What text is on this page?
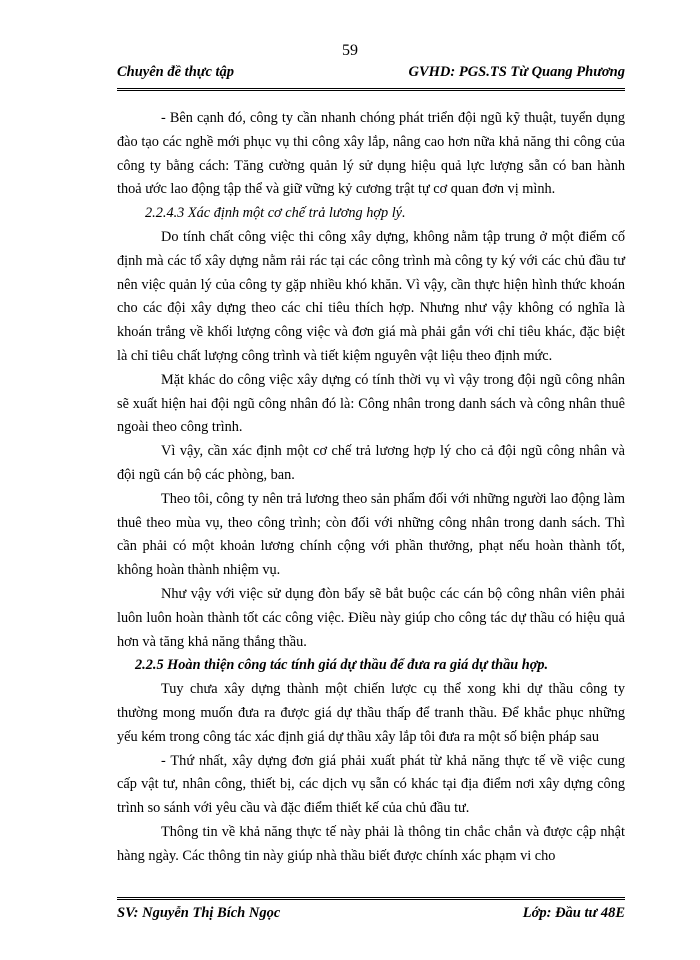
59
Chuyên đề thực tập	GVHD: PGS.TS Từ Quang Phương

- Bên cạnh đó, công ty cần nhanh chóng phát triển đội ngũ kỹ thuật, tuyển dụng đào tạo các nghề mới phục vụ thi công xây lắp, nâng cao hơn nữa khả năng thi công của công ty bằng cách: Tăng cường quản lý sử dụng hiệu quả lực lượng sẵn có ban hành thoả ước lao động tập thể và giữ vững kỷ cương trật tự cơ quan đơn vị mình.

2.2.4.3 Xác định một cơ chế trả lương hợp lý.

Do tính chất công việc thi công xây dựng, không nằm tập trung ở một điểm cố định mà các tổ xây dựng nằm rải rác tại các công trình mà công ty ký với các chủ đầu tư nên việc quản lý của công ty gặp nhiều khó khăn. Vì vậy, cần thực hiện hình thức khoán cho các đội xây dựng theo các chỉ tiêu thích hợp. Nhưng như vậy không có nghĩa là khoán trắng về khối lượng công việc và đơn giá mà phải gắn với chỉ tiêu khác, đặc biệt là chỉ tiêu chất lượng công trình và tiết kiệm nguyên vật liệu theo định mức.

Mặt khác do công việc xây dựng có tính thời vụ vì vậy trong đội ngũ công nhân sẽ xuất hiện hai đội ngũ công nhân đó là: Công nhân trong danh sách và công nhân thuê ngoài theo công trình.

Vì vậy, cần xác định một cơ chế trả lương hợp lý cho cả đội ngũ công nhân và đội ngũ cán bộ các phòng, ban.

Theo tôi, công ty nên trả lương theo sản phẩm đối với những người lao động làm thuê theo mùa vụ, theo công trình; còn đối với những công nhân trong danh sách. Thì cần phải có một khoản lương chính cộng với phần thưởng, phạt nếu hoàn thành tốt, không hoàn thành nhiệm vụ.

Như vậy với việc sử dụng đòn bẩy sẽ bắt buộc các cán bộ công nhân viên phải luôn luôn hoàn thành tốt các công việc. Điều này giúp cho công tác dự thầu có hiệu quả hơn và tăng khả năng thắng thầu.

2.2.5 Hoàn thiện công tác tính giá dự thầu để đưa ra giá dự thầu hợp.

Tuy chưa xây dựng thành một chiến lược cụ thể xong khi dự thầu công ty thường mong muốn đưa ra được giá dự thầu thấp để tranh thầu. Để khắc phục những yếu kém trong công tác xác định giá dự thầu xây lắp tôi đưa ra một số biện pháp sau

- Thứ nhất, xây dựng đơn giá phải xuất phát từ khả năng thực tế về việc cung cấp vật tư, nhân công, thiết bị, các dịch vụ sẵn có khác tại địa điểm nơi xây dựng công trình so sánh với yêu cầu và đặc điểm thiết kế của chủ đầu tư.

Thông tin về khả năng thực tế này phải là thông tin chắc chắn và được cập nhật hàng ngày. Các thông tin này giúp nhà thầu biết được chính xác phạm vi cho

SV: Nguyễn Thị Bích Ngọc	Lớp: Đầu tư 48E
